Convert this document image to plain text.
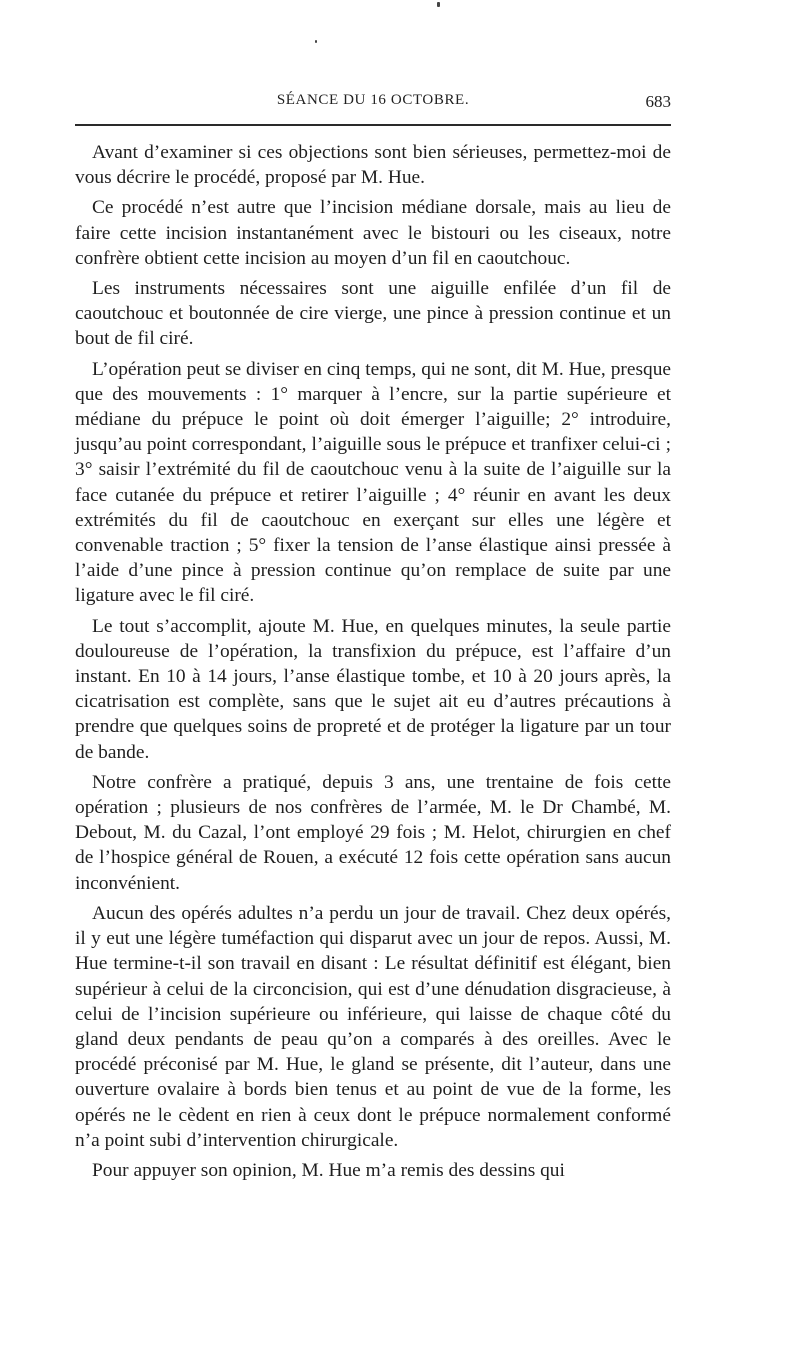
SÉANCE DU 16 OCTOBRE.	683

Avant d’examiner si ces objections sont bien sérieuses, permettez-moi de vous décrire le procédé, proposé par M. Hue.

Ce procédé n’est autre que l’incision médiane dorsale, mais au lieu de faire cette incision instantanément avec le bistouri ou les ciseaux, notre confrère obtient cette incision au moyen d’un fil en caoutchouc.

Les instruments nécessaires sont une aiguille enfilée d’un fil de caoutchouc et boutonnée de cire vierge, une pince à pression continue et un bout de fil ciré.

L’opération peut se diviser en cinq temps, qui ne sont, dit M. Hue, presque que des mouvements : 1° marquer à l’encre, sur la partie supérieure et médiane du prépuce le point où doit émerger l’aiguille; 2° introduire, jusqu’au point correspondant, l’aiguille sous le prépuce et tranfixer celui-ci ; 3° saisir l’extrémité du fil de caoutchouc venu à la suite de l’aiguille sur la face cutanée du prépuce et retirer l’aiguille ; 4° réunir en avant les deux extrémités du fil de caoutchouc en exerçant sur elles une légère et convenable traction ; 5° fixer la tension de l’anse élastique ainsi pressée à l’aide d’une pince à pression continue qu’on remplace de suite par une ligature avec le fil ciré.

Le tout s’accomplit, ajoute M. Hue, en quelques minutes, la seule partie douloureuse de l’opération, la transfixion du prépuce, est l’affaire d’un instant. En 10 à 14 jours, l’anse élastique tombe, et 10 à 20 jours après, la cicatrisation est complète, sans que le sujet ait eu d’autres précautions à prendre que quelques soins de propreté et de protéger la ligature par un tour de bande.

Notre confrère a pratiqué, depuis 3 ans, une trentaine de fois cette opération ; plusieurs de nos confrères de l’armée, M. le Dr Chambé, M. Debout, M. du Cazal, l’ont employé 29 fois ; M. Helot, chirurgien en chef de l’hospice général de Rouen, a exécuté 12 fois cette opération sans aucun inconvénient.

Aucun des opérés adultes n’a perdu un jour de travail. Chez deux opérés, il y eut une légère tuméfaction qui disparut avec un jour de repos. Aussi, M. Hue termine-t-il son travail en disant : Le résultat définitif est élégant, bien supérieur à celui de la circoncision, qui est d’une dénudation disgracieuse, à celui de l’incision supérieure ou inférieure, qui laisse de chaque côté du gland deux pendants de peau qu’on a comparés à des oreilles. Avec le procédé préconisé par M. Hue, le gland se présente, dit l’auteur, dans une ouverture ovalaire à bords bien tenus et au point de vue de la forme, les opérés ne le cèdent en rien à ceux dont le prépuce normalement conformé n’a point subi d’intervention chirurgicale.

Pour appuyer son opinion, M. Hue m’a remis des dessins qui
